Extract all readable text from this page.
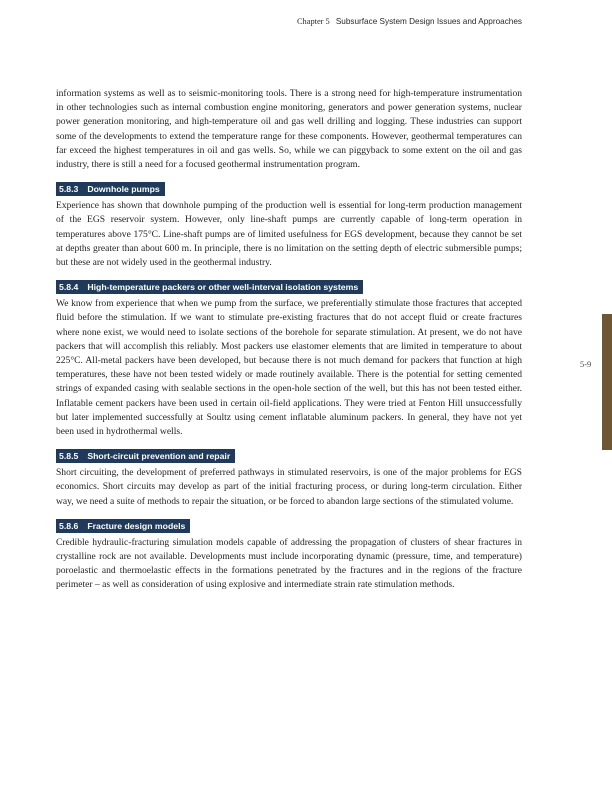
Chapter 5 Subsurface System Design Issues and Approaches
5-9

information systems as well as to seismic-monitoring tools. There is a strong need for high-temperature instrumentation in other technologies such as internal combustion engine monitoring, generators and power generation systems, nuclear power generation monitoring, and high-temperature oil and gas well drilling and logging. These industries can support some of the developments to extend the temperature range for these components. However, geothermal temperatures can far exceed the highest temperatures in oil and gas wells. So, while we can piggyback to some extent on the oil and gas industry, there is still a need for a focused geothermal instrumentation program.

5.8.3 Downhole pumps

Experience has shown that downhole pumping of the production well is essential for long-term production management of the EGS reservoir system. However, only line-shaft pumps are currently capable of long-term operation in temperatures above 175°C. Line-shaft pumps are of limited usefulness for EGS development, because they cannot be set at depths greater than about 600 m. In principle, there is no limitation on the setting depth of electric submersible pumps; but these are not widely used in the geothermal industry.

5.8.4 High-temperature packers or other well-interval isolation systems

We know from experience that when we pump from the surface, we preferentially stimulate those fractures that accepted fluid before the stimulation. If we want to stimulate pre-existing fractures that do not accept fluid or create fractures where none exist, we would need to isolate sections of the borehole for separate stimulation. At present, we do not have packers that will accomplish this reliably. Most packers use elastomer elements that are limited in temperature to about 225°C. All-metal packers have been developed, but because there is not much demand for packers that function at high temperatures, these have not been tested widely or made routinely available. There is the potential for setting cemented strings of expanded casing with sealable sections in the open-hole section of the well, but this has not been tested either. Inflatable cement packers have been used in certain oil-field applications. They were tried at Fenton Hill unsuccessfully but later implemented successfully at Soultz using cement inflatable aluminum packers. In general, they have not yet been used in hydrothermal wells.

5.8.5 Short-circuit prevention and repair

Short circuiting, the development of preferred pathways in stimulated reservoirs, is one of the major problems for EGS economics. Short circuits may develop as part of the initial fracturing process, or during long-term circulation. Either way, we need a suite of methods to repair the situation, or be forced to abandon large sections of the stimulated volume.

5.8.6 Fracture design models

Credible hydraulic-fracturing simulation models capable of addressing the propagation of clusters of shear fractures in crystalline rock are not available. Developments must include incorporating dynamic (pressure, time, and temperature) poroelastic and thermoelastic effects in the formations penetrated by the fractures and in the regions of the fracture perimeter – as well as consideration of using explosive and intermediate strain rate stimulation methods.
